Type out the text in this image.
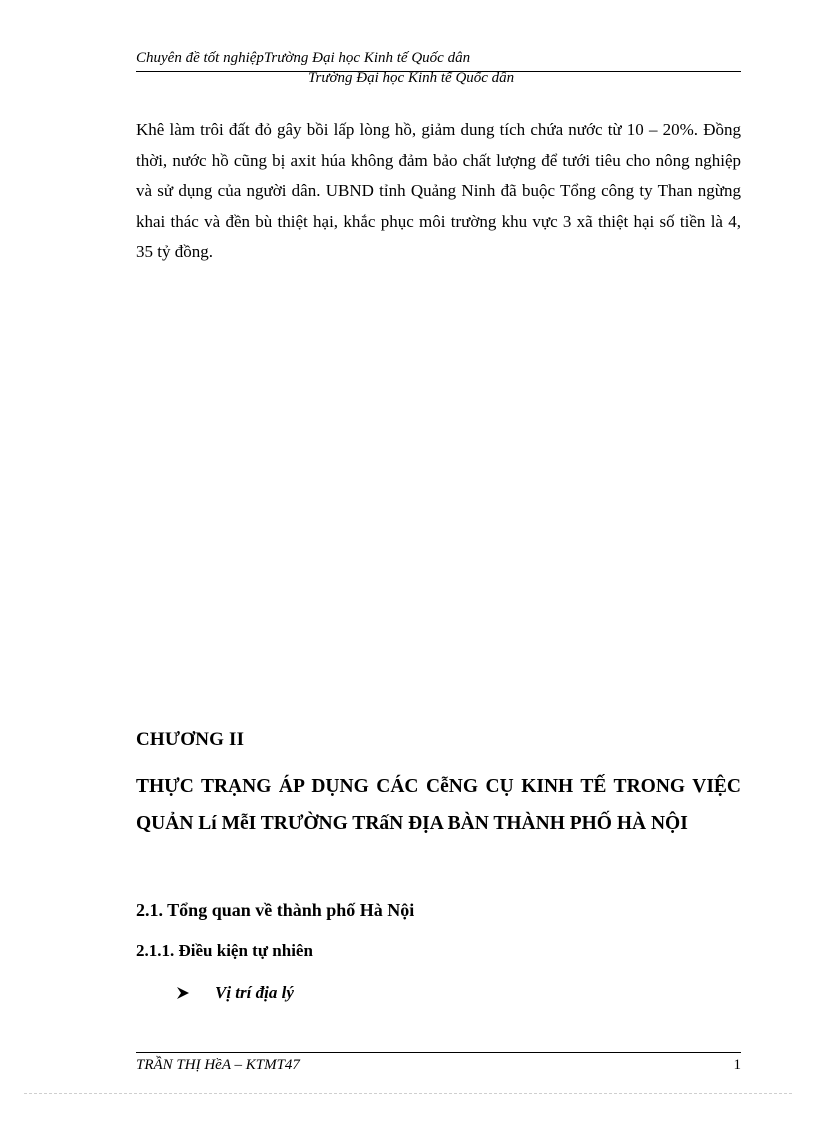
Chuyên đề tốt nghiệpTrường Đại học Kinh tế Quốc dân
Trường Đại học Kinh tế Quốc dân

Khê làm trôi đất đỏ gây bồi lấp lòng hồ, giảm dung tích chứa nước từ 10 – 20%. Đồng thời, nước hồ cũng bị axit húa không đảm bảo chất lượng để tưới tiêu cho nông nghiệp và sử dụng của người dân. UBND tỉnh Quảng Ninh đã buộc Tổng công ty Than ngừng khai thác và đền bù thiệt hại, khắc phục môi trường khu vực 3 xã thiệt hại số tiền là 4, 35 tỷ đồng.

CHƯƠNG II
THỰC TRẠNG ÁP DỤNG CÁC CễNG CỤ KINH TẾ TRONG VIỆC QUẢN Lí MễI TRƯỜNG TRấN ĐỊA BÀN THÀNH PHỐ HÀ NỘI
2.1. Tổng quan về thành phố Hà Nội
2.1.1. Điều kiện tự nhiên
Vị trí địa lý
TRẦN THỊ HềA – KTMT47	1
